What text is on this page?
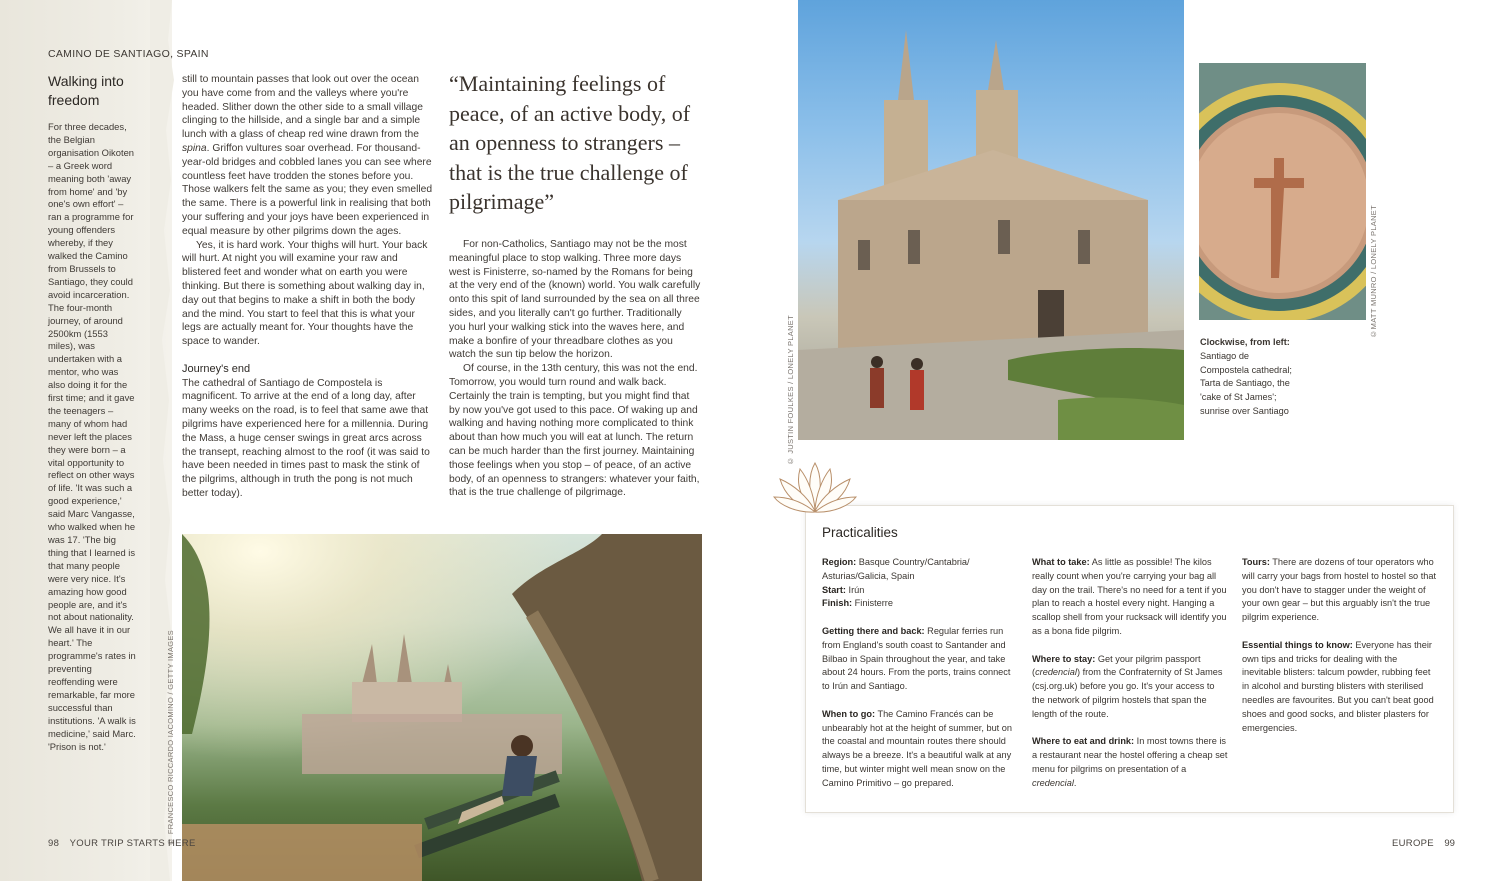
CAMINO DE SANTIAGO, SPAIN
Walking into freedom
For three decades, the Belgian organisation Oikoten – a Greek word meaning both 'away from home' and 'by one's own effort' – ran a programme for young offenders whereby, if they walked the Camino from Brussels to Santiago, they could avoid incarceration. The four-month journey, of around 2500km (1553 miles), was undertaken with a mentor, who was also doing it for the first time; and it gave the teenagers – many of whom had never left the places they were born – a vital opportunity to reflect on other ways of life. 'It was such a good experience,' said Marc Vangasse, who walked when he was 17. 'The big thing that I learned is that many people were very nice. It's amazing how good people are, and it's not about nationality. We all have it in our heart.' The programme's rates in preventing reoffending were remarkable, far more successful than institutions. 'A walk is medicine,' said Marc. 'Prison is not.'

still to mountain passes that look out over the ocean you have come from and the valleys where you're headed. Slither down the other side to a small village clinging to the hillside, and a single bar and a simple lunch with a glass of cheap red wine drawn from the spina. Griffon vultures soar overhead. For thousand-year-old bridges and cobbled lanes you can see where countless feet have trodden the stones before you. Those walkers felt the same as you; they even smelled the same. There is a powerful link in realising that both your suffering and your joys have been experienced in equal measure by other pilgrims down the ages.

Yes, it is hard work. Your thighs will hurt. Your back will hurt. At night you will examine your raw and blistered feet and wonder what on earth you were thinking. But there is something about walking day in, day out that begins to make a shift in both the body and the mind. You start to feel that this is what your legs are actually meant for. Your thoughts have the space to wander.

Journey's end

The cathedral of Santiago de Compostela is magnificent. To arrive at the end of a long day, after many weeks on the road, is to feel that same awe that pilgrims have experienced here for a millennia. During the Mass, a huge censer swings in great arcs across the transept, reaching almost to the roof (it was said to have been needed in times past to mask the stink of the pilgrims, although in truth the pong is not much better today).

“Maintaining feelings of peace, of an active body, of an openness to strangers – that is the true challenge of pilgrimage”

For non-Catholics, Santiago may not be the most meaningful place to stop walking. Three more days west is Finisterre, so-named by the Romans for being at the very end of the (known) world. You walk carefully onto this spit of land surrounded by the sea on all three sides, and you literally can't go further. Traditionally you hurl your walking stick into the waves here, and make a bonfire of your threadbare clothes as you watch the sun tip below the horizon.

Of course, in the 13th century, this was not the end. Tomorrow, you would turn round and walk back. Certainly the train is tempting, but you might find that by now you've got used to this pace. Of waking up and walking and having nothing more complicated to think about than how much you will eat at lunch. The return can be much harder than the first journey. Maintaining those feelings when you stop – of peace, of an active body, of an openness to strangers: whatever your faith, that is the true challenge of pilgrimage.

© FRANCESCO RICCARDO IACOMINO / GETTY IMAGES
98 YOUR TRIP STARTS HERE
© JUSTIN FOULKES / LONELY PLANET
©MATT MUNRO / LONELY PLANET
Clockwise, from left: Santiago de Compostela cathedral; Tarta de Santiago, the 'cake of St James'; sunrise over Santiago
Practicalities

Region: Basque Country/Cantabria/ Asturias/Galicia, Spain

Start: Irún

Finish: Finisterre

Getting there and back: Regular ferries run from England's south coast to Santander and Bilbao in Spain throughout the year, and take about 24 hours. From the ports, trains connect to Irún and Santiago.

When to go: The Camino Francés can be unbearably hot at the height of summer, but on the coastal and mountain routes there should always be a breeze. It's a beautiful walk at any time, but winter might well mean snow on the Camino Primitivo – go prepared.

What to take: As little as possible! The kilos really count when you're carrying your bag all day on the trail. There's no need for a tent if you plan to reach a hostel every night. Hanging a scallop shell from your rucksack will identify you as a bona fide pilgrim.

Where to stay: Get your pilgrim passport (credencial) from the Confraternity of St James (csj.org.uk) before you go. It's your access to the network of pilgrim hostels that span the length of the route.

Where to eat and drink: In most towns there is a restaurant near the hostel offering a cheap set menu for pilgrims on presentation of a credencial.

Tours: There are dozens of tour operators who will carry your bags from hostel to hostel so that you don't have to stagger under the weight of your own gear – but this arguably isn't the true pilgrim experience.

Essential things to know: Everyone has their own tips and tricks for dealing with the inevitable blisters: talcum powder, rubbing feet in alcohol and bursting blisters with sterilised needles are favourites. But you can't beat good shoes and good socks, and blister plasters for emergencies.

EUROPE 99
